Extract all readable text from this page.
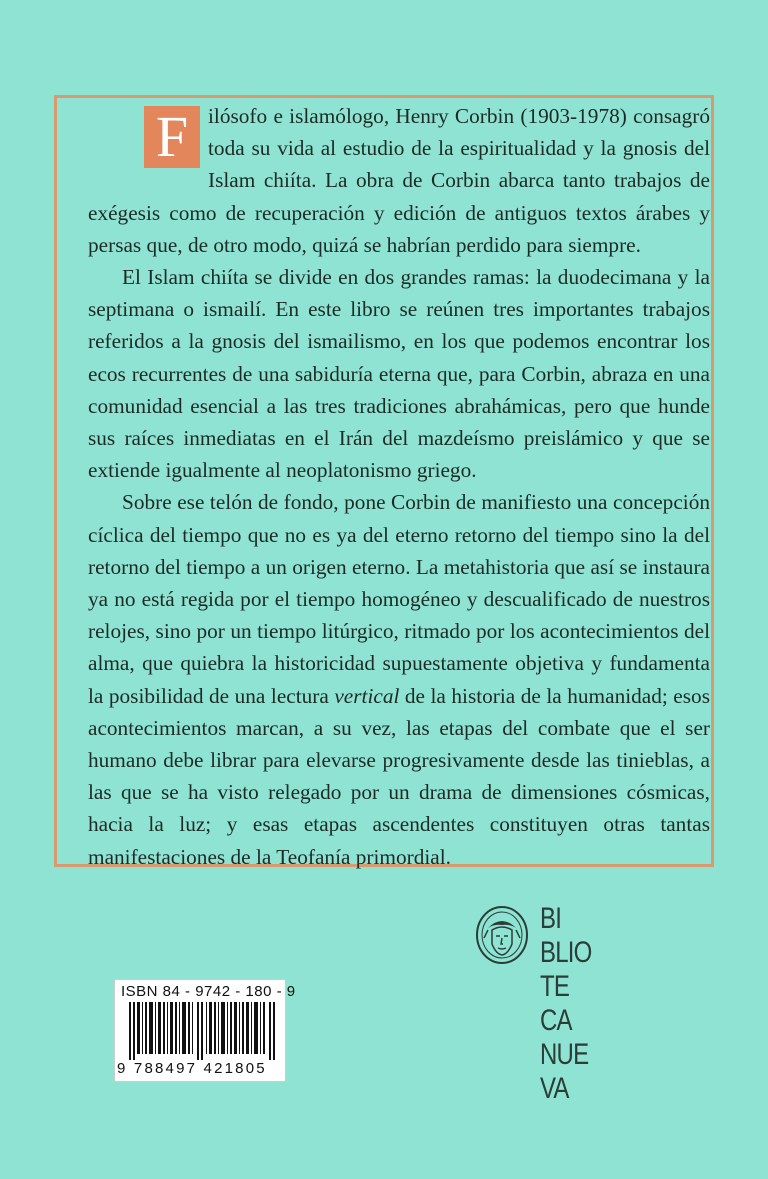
F ilósofo e islamólogo, Henry Corbin (1903-1978) consagró toda su vida al estudio de la espiritualidad y la gnosis del Islam chiíta. La obra de Corbin abarca tanto trabajos de exégesis como de recuperación y edición de antiguos textos árabes y persas que, de otro modo, quizá se habrían perdido para siempre.

El Islam chiíta se divide en dos grandes ramas: la duodecimana y la septimana o ismailí. En este libro se reúnen tres importantes trabajos referidos a la gnosis del ismailismo, en los que podemos encontrar los ecos recurrentes de una sabiduría eterna que, para Corbin, abraza en una comunidad esencial a las tres tradiciones abrahámicas, pero que hunde sus raíces inmediatas en el Irán del mazdeísmo preislámico y que se extiende igualmente al neoplatonismo griego.

Sobre ese telón de fondo, pone Corbin de manifiesto una concepción cíclica del tiempo que no es ya del eterno retorno del tiempo sino la del retorno del tiempo a un origen eterno. La metahistoria que así se instaura ya no está regida por el tiempo homogéneo y descualificado de nuestros relojes, sino por un tiempo litúrgico, ritmado por los acontecimientos del alma, que quiebra la historicidad supuestamente objetiva y fundamenta la posibilidad de una lectura vertical de la historia de la humanidad; esos acontecimientos marcan, a su vez, las etapas del combate que el ser humano debe librar para elevarse progresivamente desde las tinieblas, a las que se ha visto relegado por un drama de dimensiones cósmicas, hacia la luz; y esas etapas ascendentes constituyen otras tantas manifestaciones de la Teofanía primordial.

ISBN 84 - 9742 - 180 - 9
9 788497 421805
BI
BLIO
TE
CA
NUE
VA
